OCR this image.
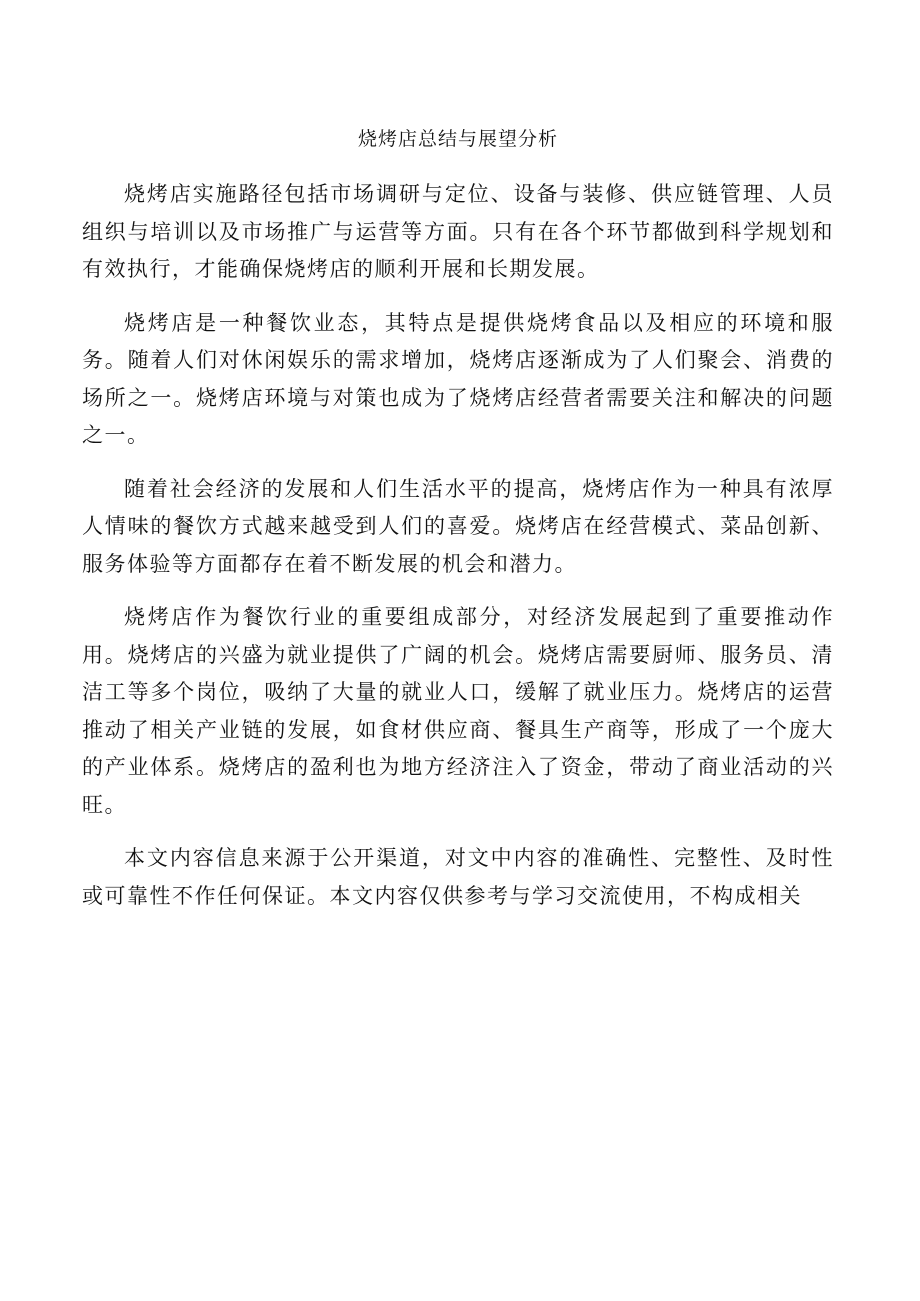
烧烤店总结与展望分析

烧烤店实施路径包括市场调研与定位、设备与装修、供应链管理、人员组织与培训以及市场推广与运营等方面。只有在各个环节都做到科学规划和有效执行，才能确保烧烤店的顺利开展和长期发展。

烧烤店是一种餐饮业态，其特点是提供烧烤食品以及相应的环境和服务。随着人们对休闲娱乐的需求增加，烧烤店逐渐成为了人们聚会、消费的场所之一。烧烤店环境与对策也成为了烧烤店经营者需要关注和解决的问题之一。

随着社会经济的发展和人们生活水平的提高，烧烤店作为一种具有浓厚人情味的餐饮方式越来越受到人们的喜爱。烧烤店在经营模式、菜品创新、服务体验等方面都存在着不断发展的机会和潜力。

烧烤店作为餐饮行业的重要组成部分，对经济发展起到了重要推动作用。烧烤店的兴盛为就业提供了广阔的机会。烧烤店需要厨师、服务员、清洁工等多个岗位，吸纳了大量的就业人口，缓解了就业压力。烧烤店的运营推动了相关产业链的发展，如食材供应商、餐具生产商等，形成了一个庞大的产业体系。烧烤店的盈利也为地方经济注入了资金，带动了商业活动的兴旺。

本文内容信息来源于公开渠道，对文中内容的准确性、完整性、及时性或可靠性不作任何保证。本文内容仅供参考与学习交流使用，不构成相关
